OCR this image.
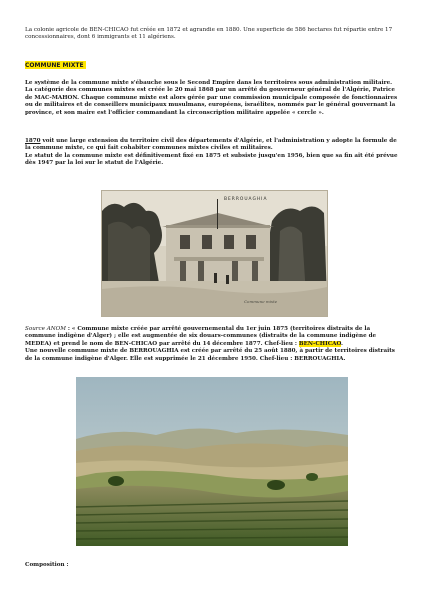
La colonie agricole de BEN-CHICAO fut créée en 1872 et agrandie en 1880. Une superficie de 586 hectares fut répartie entre 17 concessionnaires, dont 6 immigrants et 11 algériens.

COMMUNE MIXTE

Le système de la commune mixte s'ébauche sous le Second Empire dans les territoires sous administration militaire. La catégorie des communes mixtes est créée le 20 mai 1868 par un arrêté du gouverneur général de l'Algérie, Patrice de MAC-MAHON. Chaque commune mixte est alors gérée par une commission municipale composée de fonctionnaires ou de militaires et de conseillers municipaux musulmans, européens, israélites, nommés par le général gouvernant la province, et son maire est l'officier commandant la circonscription militaire appelée « cercle ».

1870 voit une large extension du territoire civil des départements d'Algérie, et l'administration y adopte la formule de la commune mixte, ce qui fait cohabiter communes mixtes civiles et militaires.
Le statut de la commune mixte est définitivement fixé en 1875 et subsiste jusqu'en 1956, bien que sa fin ait été prévue dès 1947 par la loi sur le statut de l'Algérie.

BERROUAGHIA
Commune mixte

Source ANOM : « Commune mixte créée par arrêté gouvernemental du 1er juin 1875 (territoires distraits de la commune indigène d'Alger) ; elle est augmentée de six douars-communes (distraits de la commune indigène de MEDEA) et prend le nom de BEN-CHICAO par arrêté du 14 décembre 1877. Chef-lieu : BEN-CHICAO.
Une nouvelle commune mixte de BERROUAGHIA est créée par arrêté du 25 août 1880, à partir de territoires distraits de la commune indigène d'Alger. Elle est supprimée le 21 décembre 1950. Chef-lieu : BERROUAGHIA.

Composition :
